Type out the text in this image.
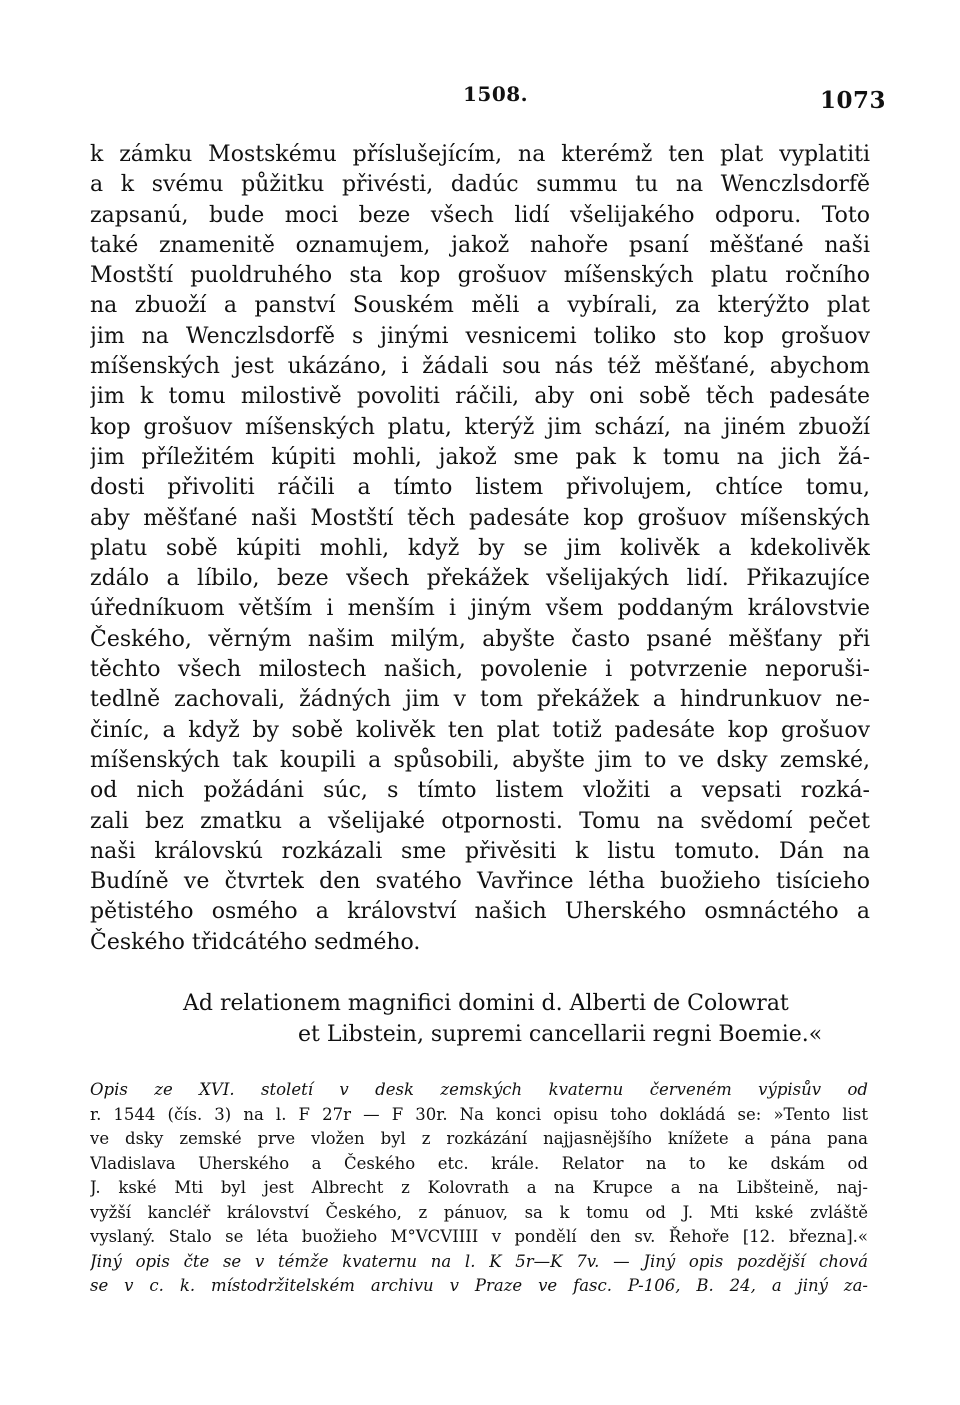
1508.	1073
k zámku Mostskému příslušejícím, na kterémž ten plat vyplatiti
a k svému půžitku přivésti, dadúc summu tu na Wenczlsdorfě
zapsanú, bude moci beze všech lidí všelijakého odporu. Toto
také znamenitě oznamujem, jakož nahoře psaní měšťané naši
Mostští puoldruhého sta kop grošuov míšenských platu ročního
na zbuoží a panství Souském měli a vybírali, za kterýžto plat
jim na Wenczlsdorfě s jinými vesnicemi toliko sto kop grošuov
míšenských jest ukázáno, i žádali sou nás též měšťané, abychom
jim k tomu milostivě povoliti ráčili, aby oni sobě těch padesáte
kop grošuov míšenských platu, kterýž jim schází, na jiném zbuoží
jim příležitém kúpiti mohli, jakož sme pak k tomu na jich žá-
dosti přivoliti ráčili a tímto listem přivolujem, chtíce tomu,
aby měšťané naši Mostští těch padesáte kop grošuov míšenských
platu sobě kúpiti mohli, když by se jim kolivěk a kdekolivěk
zdálo a líbilo, beze všech překážek všelijakých lidí. Přikazujíce
úředníkuom větším i menším i jiným všem poddaným královstvie
Českého, věrným našim milým, abyšte často psané měšťany při
těchto všech milostech našich, povolenie i potvrzenie neporuši-
tedlně zachovali, žádných jim v tom překážek a hindrunkuov ne-
činíc, a když by sobě kolivěk ten plat totiž padesáte kop grošuov
míšenských tak koupili a spůsobili, abyšte jim to ve dsky zemské,
od nich požádáni súc, s tímto listem vložiti a vepsati rozká-
zali bez zmatku a všelijaké otpornosti. Tomu na svědomí pečet
naši královskú rozkázali sme přivěsiti k listu tomuto. Dán na
Budíně ve čtvrtek den svatého Vavřince létha buožieho tisícieho
pětistého osmého a království našich Uherského osmnáctého a
Českého třidcátého sedmého.
Ad relationem magnifici domini d. Alberti de Colowrat
et Libstein, supremi cancellarii regni Boemie.«
Opis ze XVI. století v desk zemských kvaternu červeném výpisův od
r. 1544 (čís. 3) na l. F 27r — F 30r. Na konci opisu toho dokládá se: »Tento list
ve dsky zemské prve vložen byl z rozkázání najjasnějšího knížete a pána pana
Vladislava Uherského a Českého etc. krále. Relator na to ke dskám od
J. kské Mti byl jest Albrecht z Kolovrath a na Krupce a na Libšteině, naj-
vyžší kancléř království Českého, z pánuov, sa k tomu od J. Mti kské zvláště
vyslaný. Stalo se léta buožieho M°VCVIIII v pondělí den sv. Řehoře [12. března].«
Jiný opis čte se v témže kvaternu na l. K 5r—K 7v. — Jiný opis pozdější chová
se v c. k. místodržitelském archivu v Praze ve fasc. P-106, B. 24, a jiný za-
